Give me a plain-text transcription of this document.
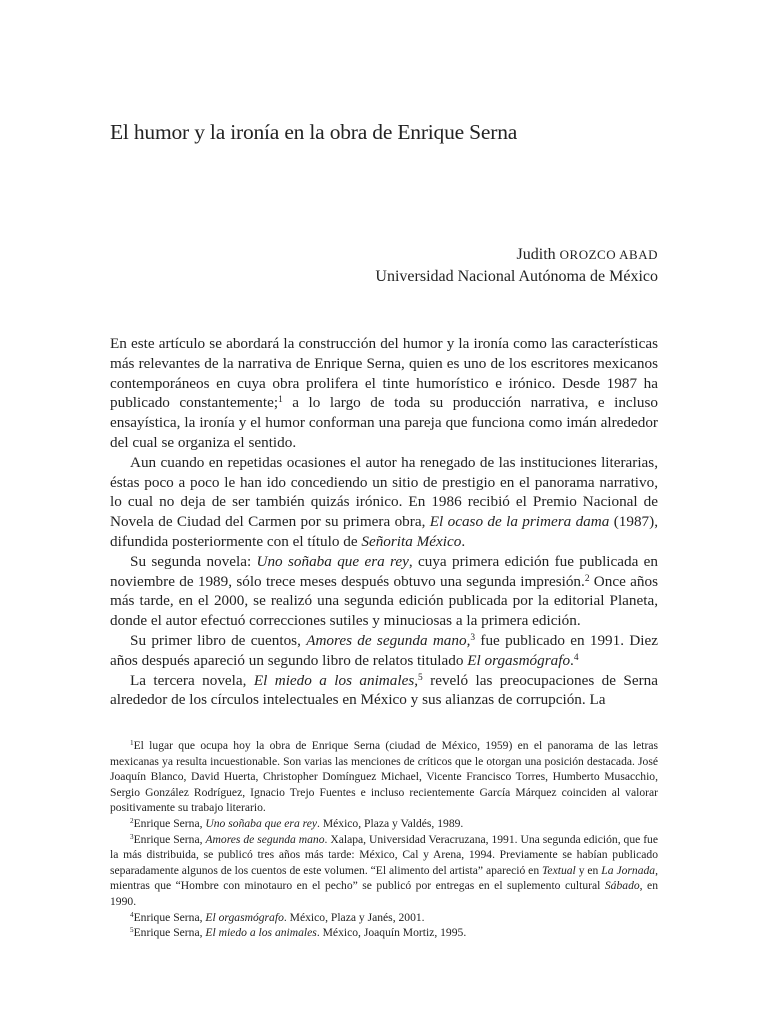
El humor y la ironía en la obra de Enrique Serna
Judith OROZCO ABAD
Universidad Nacional Autónoma de México

En este artículo se abordará la construcción del humor y la ironía como las características más relevantes de la narrativa de Enrique Serna, quien es uno de los escritores mexicanos contemporáneos en cuya obra prolifera el tinte humorístico e irónico. Desde 1987 ha publicado constantemente;$^1$ a lo largo de toda su producción narrativa, e incluso ensayística, la ironía y el humor conforman una pareja que funciona como imán alrededor del cual se organiza el sentido.

Aun cuando en repetidas ocasiones el autor ha renegado de las instituciones literarias, éstas poco a poco le han ido concediendo un sitio de prestigio en el panorama narrativo, lo cual no deja de ser también quizás irónico. En 1986 recibió el Premio Nacional de Novela de Ciudad del Carmen por su primera obra, El ocaso de la primera dama (1987), difundida posteriormente con el título de Señorita México.

Su segunda novela: Uno soñaba que era rey, cuya primera edición fue publicada en noviembre de 1989, sólo trece meses después obtuvo una segunda impresión.$^2$ Once años más tarde, en el 2000, se realizó una segunda edición publicada por la editorial Planeta, donde el autor efectuó correcciones sutiles y minuciosas a la primera edición.

Su primer libro de cuentos, Amores de segunda mano,$^3$ fue publicado en 1991. Diez años después apareció un segundo libro de relatos titulado El orgasmógrafo.$^4$

La tercera novela, El miedo a los animales,$^5$ reveló las preocupaciones de Serna alrededor de los círculos intelectuales en México y sus alianzas de corrupción. La

$^1$El lugar que ocupa hoy la obra de Enrique Serna (ciudad de México, 1959) en el panorama de las letras mexicanas ya resulta incuestionable. Son varias las menciones de críticos que le otorgan una posición destacada. José Joaquín Blanco, David Huerta, Christopher Domínguez Michael, Vicente Francisco Torres, Humberto Musacchio, Sergio González Rodríguez, Ignacio Trejo Fuentes e incluso recientemente García Márquez coinciden al valorar positivamente su trabajo literario.

$^2$Enrique Serna, Uno soñaba que era rey. México, Plaza y Valdés, 1989.

$^3$Enrique Serna, Amores de segunda mano. Xalapa, Universidad Veracruzana, 1991. Una segunda edición, que fue la más distribuida, se publicó tres años más tarde: México, Cal y Arena, 1994. Previamente se habían publicado separadamente algunos de los cuentos de este volumen. “El alimento del artista” apareció en Textual y en La Jornada, mientras que “Hombre con minotauro en el pecho” se publicó por entregas en el suplemento cultural Sábado, en 1990.

$^4$Enrique Serna, El orgasmógrafo. México, Plaza y Janés, 2001.

$^5$Enrique Serna, El miedo a los animales. México, Joaquín Mortiz, 1995.
